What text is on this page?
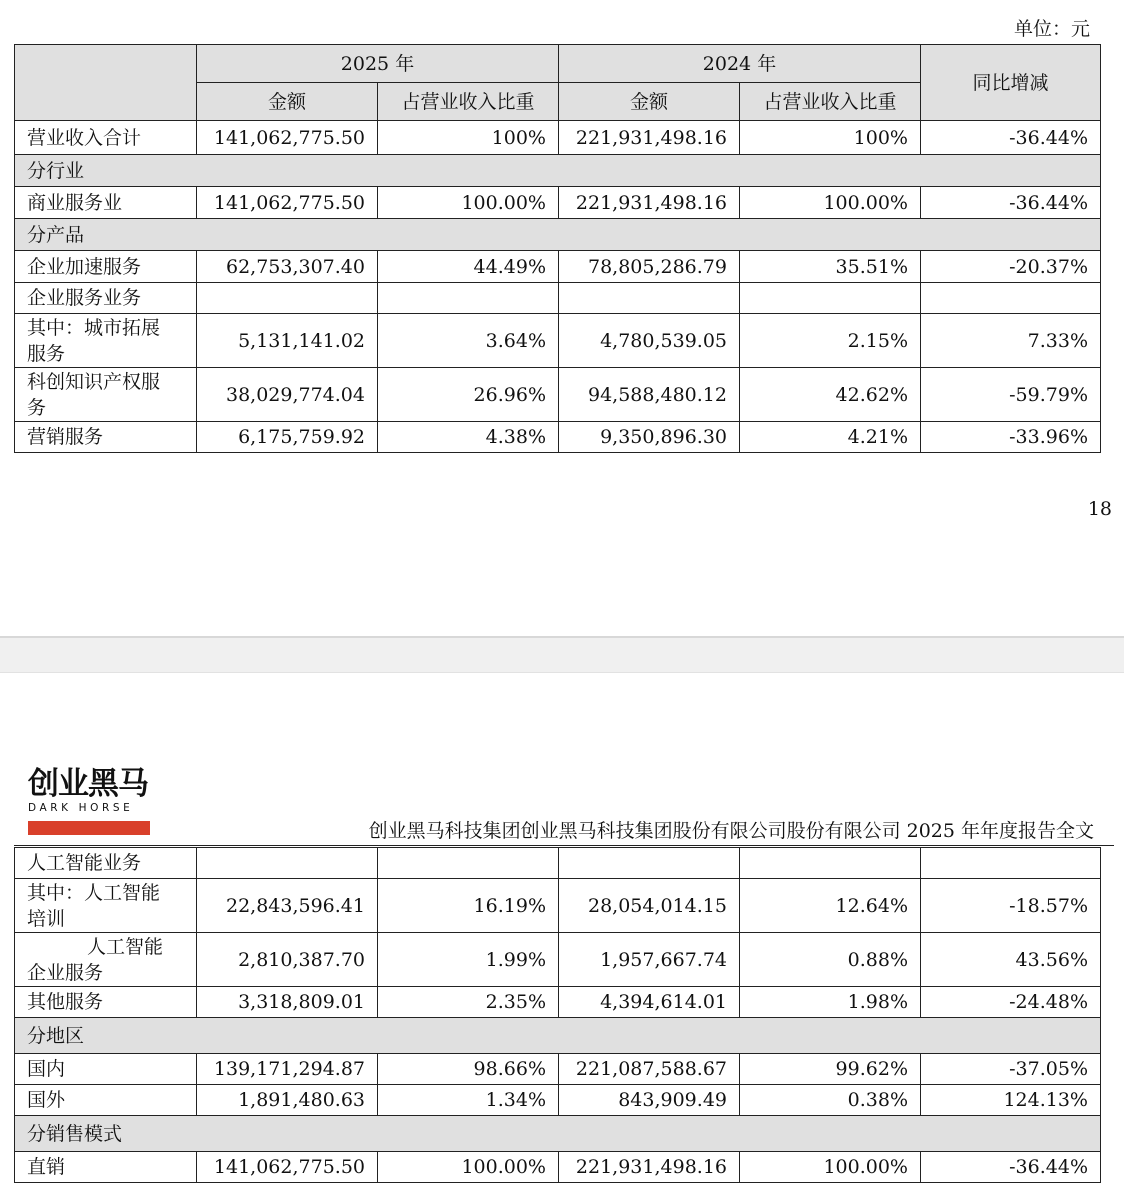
单位：元
	2025 年		2024 年		同比增减
	金额	占营业收入比重	金额	占营业收入比重	
营业收入合计	141,062,775.50	100%	221,931,498.16	100%	-36.44%
分行业					
商业服务业	141,062,775.50	100.00%	221,931,498.16	100.00%	-36.44%
分产品					
企业加速服务	62,753,307.40	44.49%	78,805,286.79	35.51%	-20.37%
企业服务业务					

其中：城市拓展
服务	5,131,141.02	3.64%	4,780,539.05	2.15%	7.33%

科创知识产权服
务	38,029,774.04	26.96%	94,588,480.12	42.62%	-59.79%
营销服务	6,175,759.92	4.38%	9,350,896.30	4.21%	-33.96%
18
创业黑马
DARK HORSE
创业黑马科技集团创业黑马科技集团股份有限公司股份有限公司 2025 年年度报告全文
人工智能业务					

其中：人工智能
培训	22,843,596.41	16.19%	28,054,014.15	12.64%	-18.57%

人工智能
企业服务	2,810,387.70	1.99%	1,957,667.74	0.88%	43.56%
其他服务	3,318,809.01	2.35%	4,394,614.01	1.98%	-24.48%
分地区					
国内	139,171,294.87	98.66%	221,087,588.67	99.62%	-37.05%
国外	1,891,480.63	1.34%	843,909.49	0.38%	124.13%
分销售模式					
直销	141,062,775.50	100.00%	221,931,498.16	100.00%	-36.44%
